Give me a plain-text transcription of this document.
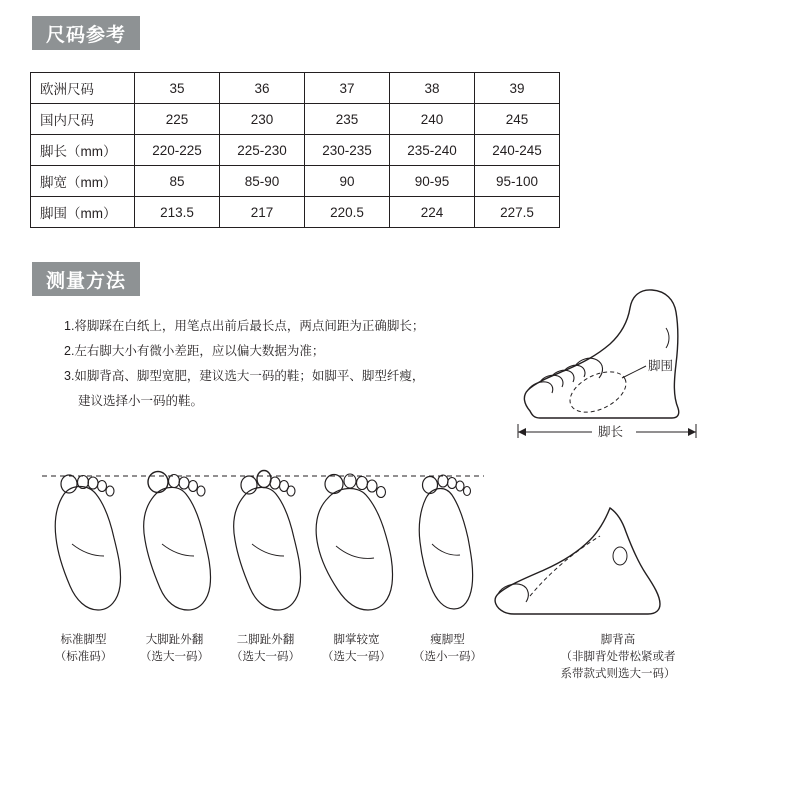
尺码参考
欧洲尺码	35	36	37	38	39
国内尺码	225	230	235	240	245
脚长（mm）	220-225	225-230	230-235	235-240	240-245
脚宽（mm）	85	85-90	90	90-95	95-100
脚围（mm）	213.5	217	220.5	224	227.5
测量方法
1.将脚踩在白纸上，用笔点出前后最长点，两点间距为正确脚长；
2.左右脚大小有微小差距，应以偏大数据为准；
3.如脚背高、脚型宽肥，建议选大一码的鞋；如脚平、脚型纤瘦，
建议选择小一码的鞋。
脚围
脚长
标准脚型
（标准码）
大脚趾外翻
（选大一码）
二脚趾外翻
（选大一码）
脚掌较宽
（选大一码）
瘦脚型
（选小一码）
脚背高
（非脚背处带松紧或者
系带款式则选大一码）
